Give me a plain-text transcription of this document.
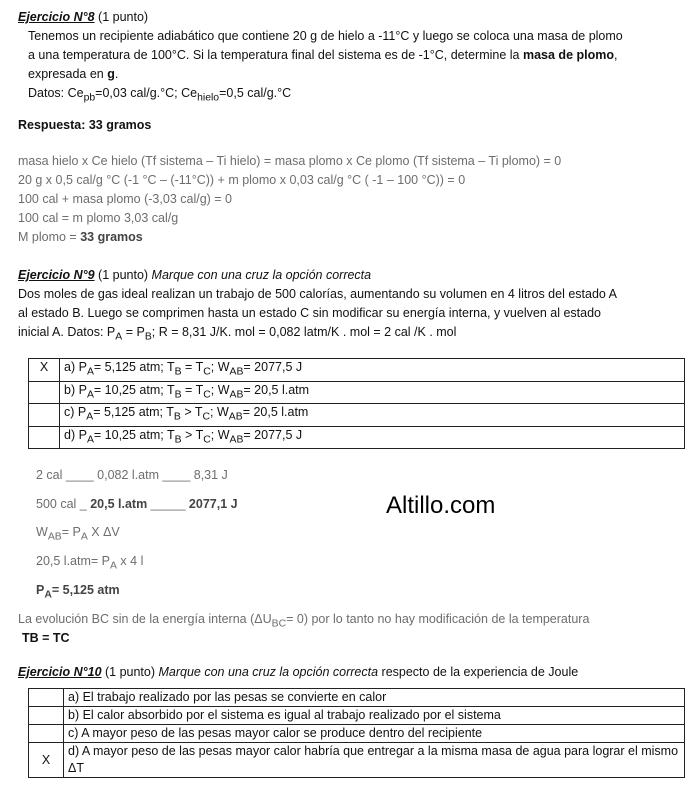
Ejercicio N°8 (1 punto)
Tenemos un recipiente adiabático que contiene 20 g de hielo a -11°C y luego se coloca una masa de plomo
a una temperatura de 100°C. Si la temperatura final del sistema es de -1°C, determine la masa de plomo,
expresada en g.
Datos: $Ce_{pb}=0,03$ cal/g.°C; $Ce_{hielo}=0,5$ cal/g.°C
Respuesta: 33 gramos
masa hielo x Ce hielo (Tf sistema – Ti hielo) = masa plomo x Ce plomo (Tf sistema – Ti plomo) = 0
20 g x 0,5 cal/g °C (-1 °C – (-11°C)) + m plomo x 0,03 cal/g °C ( -1 – 100 °C)) = 0
100 cal + masa plomo (-3,03 cal/g) = 0
100 cal = m plomo 3,03 cal/g
M plomo = 33 gramos
Ejercicio N°9 (1 punto) Marque con una cruz la opción correcta
Dos moles de gas ideal realizan un trabajo de 500 calorías, aumentando su volumen en 4 litros del estado A
al estado B. Luego se comprimen hasta un estado C sin modificar su energía interna, y vuelven al estado
inicial A. Datos: $P_A = P_B$; R = 8,31 J/K. mol = 0,082 latm/K . mol = 2 cal /K . mol
X	a) $P_A= 5,125$ atm; $T_B = T_C$; $W_{AB}= 2077,5$ J
	b) $P_A= 10,25$ atm; $T_B = T_C$; $W_{AB}= 20,5$ l.atm
	c) $P_A= 5,125$ atm; $T_B > T_C$; $W_{AB}= 20,5$ l.atm
	d) $P_A= 10,25$ atm; $T_B > T_C$; $W_{AB}= 2077,5$ J
2 cal ____ 0,082 l.atm ____ 8,31 J
500 cal _ 20,5 l.atm _____ 2077,1 J
$W_{AB}= P_A$ X ΔV
20,5 $l.atm= P_A$ x 4 l
$P_A= 5,125$ atm
La evolución BC sin de la energía interna $(\Delta U_{BC}= 0)$ por lo tanto no hay modificación de la temperatura
TB = TC
Altillo.com
Ejercicio N°10 (1 punto) Marque con una cruz la opción correcta respecto de la experiencia de Joule
	a) El trabajo realizado por las pesas se convierte en calor
	b) El calor absorbido por el sistema es igual al trabajo realizado por el sistema
	c) A mayor peso de las pesas mayor calor se produce dentro del recipiente
X	d) A mayor peso de las pesas mayor calor habría que entregar a la misma masa de agua para lograr el mismo ΔT
